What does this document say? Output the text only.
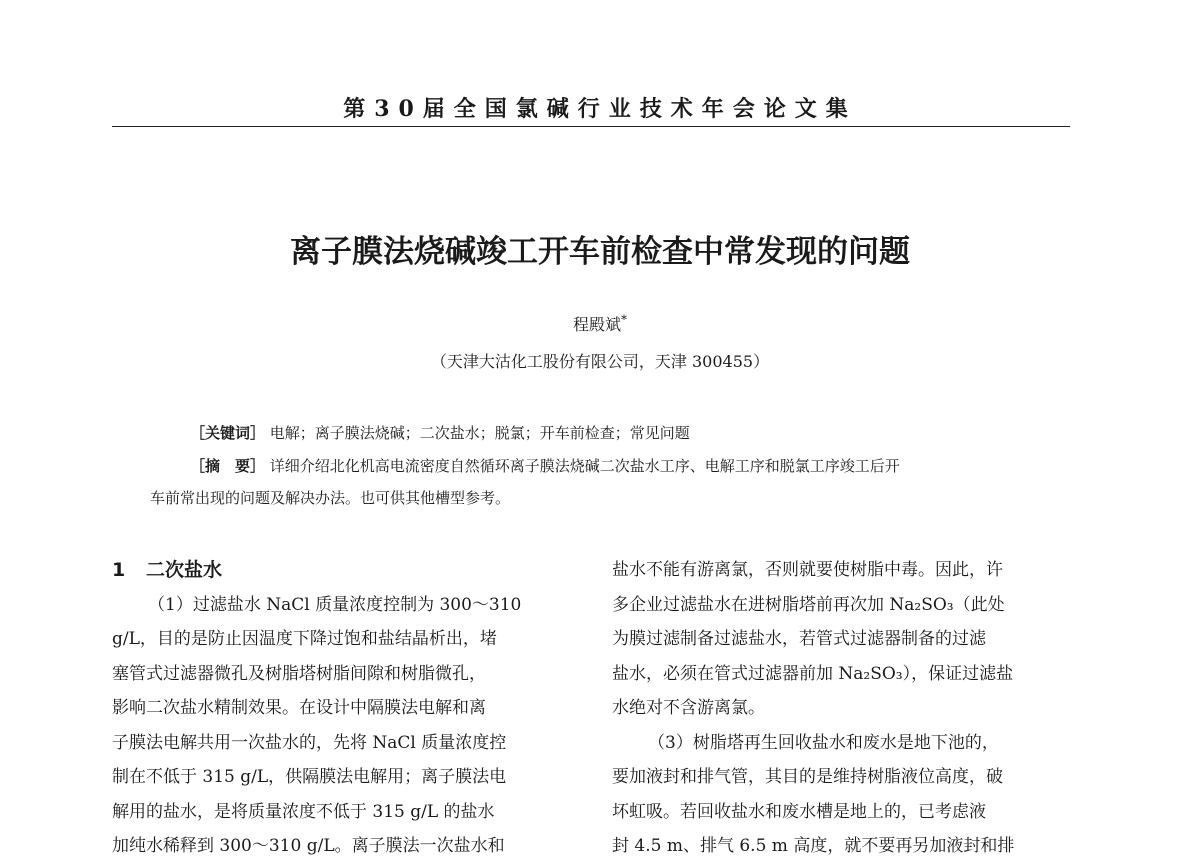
第30届全国氯碱行业技术年会论文集
离子膜法烧碱竣工开车前检查中常发现的问题
程殿斌*
（天津大沽化工股份有限公司，天津 300455）
［关键词］ 电解；离子膜法烧碱；二次盐水；脱氯；开车前检查；常见问题
［摘　要］ 详细介绍北化机高电流密度自然循环离子膜法烧碱二次盐水工序、电解工序和脱氯工序竣工后开
车前常出现的问题及解决办法。也可供其他槽型参考。
1 二次盐水
（1）过滤盐水 NaCl 质量浓度控制为 300～310
g/L，目的是防止因温度下降过饱和盐结晶析出，堵
塞管式过滤器微孔及树脂塔树脂间隙和树脂微孔，
影响二次盐水精制效果。在设计中隔膜法电解和离
子膜法电解共用一次盐水的，先将 NaCl 质量浓度控
制在不低于 315 g/L，供隔膜法电解用；离子膜法电
解用的盐水，是将质量浓度不低于 315 g/L 的盐水
加纯水稀释到 300～310 g/L。离子膜法一次盐水和
盐水不能有游离氯，否则就要使树脂中毒。因此，许
多企业过滤盐水在进树脂塔前再次加 Na₂SO₃（此处
为膜过滤制备过滤盐水，若管式过滤器制备的过滤
盐水，必须在管式过滤器前加 Na₂SO₃），保证过滤盐
水绝对不含游离氯。
（3）树脂塔再生回收盐水和废水是地下池的，
要加液封和排气管，其目的是维持树脂液位高度，破
坏虹吸。若回收盐水和废水槽是地上的，已考虑液
封 4.5 m、排气 6.5 m 高度，就不要再另加液封和排
